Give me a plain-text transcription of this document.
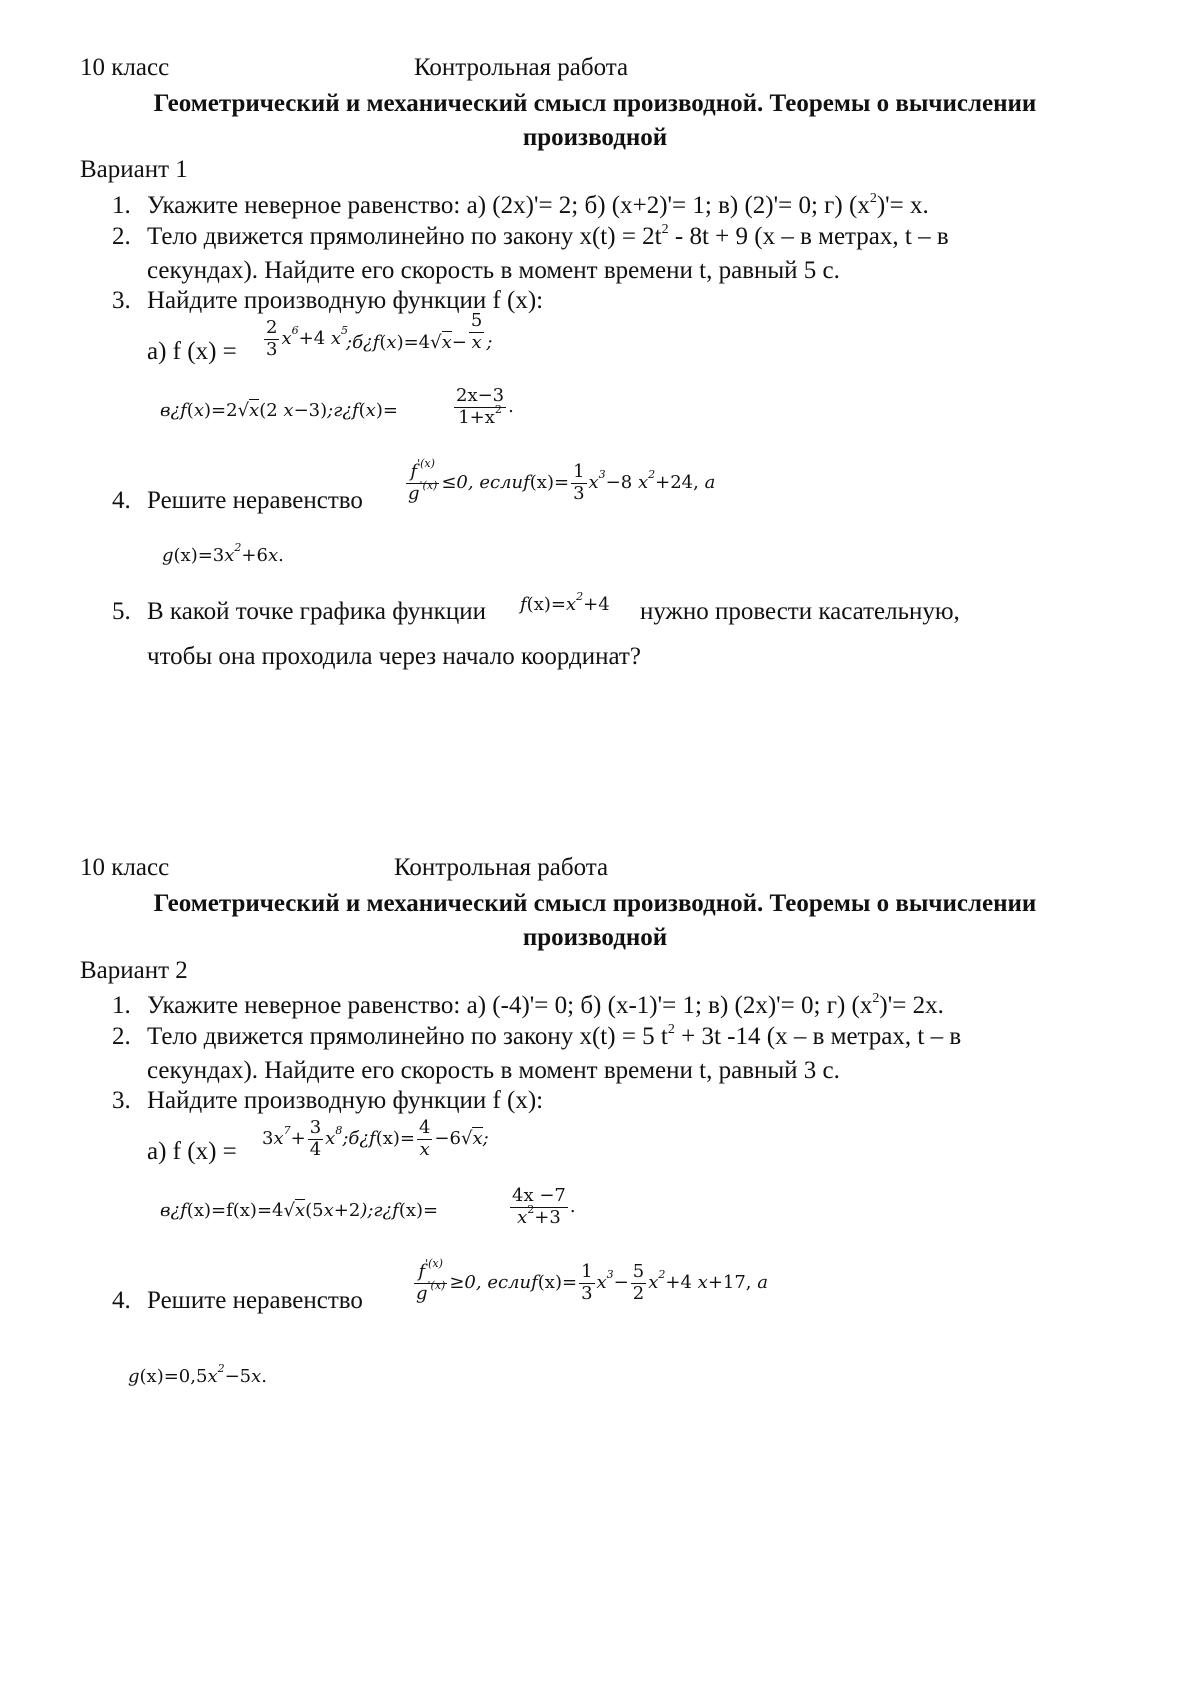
10 класс	Контрольная работа
Геометрический и механический смысл производной. Теоремы о вычислении
производной
Вариант 1
1. Укажите неверное равенство: а) (2x)'= 2; б) (x+2)'= 1; в) (2)'= 0; г) $(x^2)'= x$.
2. Тело движется прямолинейно по закону $x(t) = 2t^2 - 8t + 9$ (x – в метрах, t – в
секундах). Найдите его скорость в момент времени t, равный 5 с.
3. Найдите производную функции f (x):
а) f $(x) = \frac{2}{3} x^6+4$ $x^5$
;б¿f(x)=4√x− $\frac{5}{x}$ ;
в¿f(x)=2√x(2 x−3);г¿f(x)=	$\frac{2x-3}{1+x^2}$ .
4. Решите неравенство $\frac{f^{'(x)}}{g^{'(x)}} \le 0$, еслиf(x)= $\frac{1}{3} x^3-8$ $x^2+24$, a
$g(x)=3x^2+6x$.
5. В какой точке графика функции $f(x)=x^2+4$ нужно провести касательную,
чтобы она проходила через начало координат?
10 класс	Контрольная работа
Геометрический и механический смысл производной. Теоремы о вычислении
производной
Вариант 2
1. Укажите неверное равенство: а) (-4)'= 0; б) (x-1)'= 1; в) (2x)'= 0; г) $(x^2)'= 2x$.
2. Тело движется прямолинейно по закону x(t) = 5 $t^2 + 3t$ -14 (x – в метрах, t – в
секундах). Найдите его скорость в момент времени t, равный 3 с.
3. Найдите производную функции f (x):
а) f $(x) = 3x^7+ \frac{3}{4}$ $x^8;б¿f(x)= \frac{4}{x} -6√x$;
в¿f(x)=f(x)=4√x(5x+2);г¿f(x)=	$\frac{4x -7}{x^2+3}$ .
4. Решите неравенство	$\frac{f^{'(x)}}{g^{'(x)}} \ge 0$, еслиf(x)= $\frac{1}{3} x^3- \frac{5}{2} x^2+4$ x+17, a
$g(x)=0,5x^2-5x$.
